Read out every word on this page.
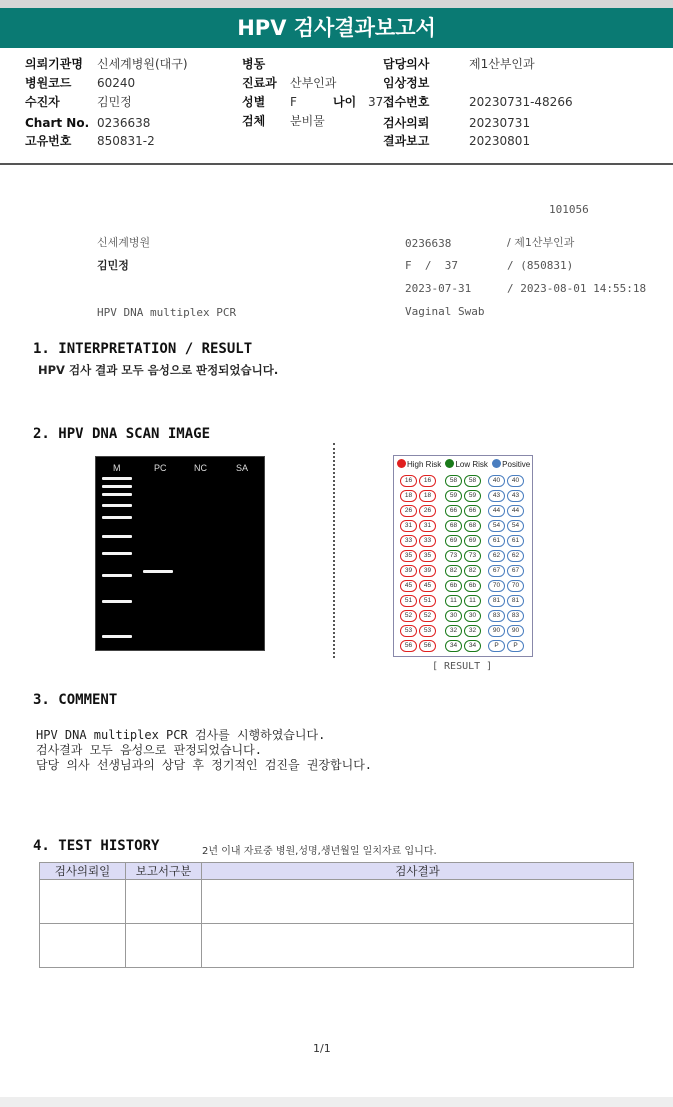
HPV 검사결과보고서
의뢰기관명 신세계병원(대구)
병원코드 60240
수진자	김민정
Chart No. 0236638
고유번호 850831-2
병동
진료과 산부인과
성별 F	나이 37
검체 분비물
담당의사	제1산부인과
임상정보
접수번호	20230731-48266
검사의뢰	20230731
결과보고	20230801
101056
신세계병원
김민정
HPV DNA multiplex PCR
0236638	/ 제1산부인과
F  /  37	/ (850831)
2023-07-31	/ 2023-08-01 14:55:18
Vaginal Swab
1. INTERPRETATION / RESULT
HPV 검사 결과 모두 음성으로 판정되었습니다.
2. HPV DNA SCAN IMAGE
M	PC	NC	SA	High Risk Low Risk Positive
16	16	58	58	40	40
18	18	59	59	43	43
26	26	66	66	44	44
31	31	68	68	54	54
33	33	69	69	61	61
35	35	73	73	62	62
39	39	82	82	67	67
45	45	6b	6b	70	70
51	51	11	11	81	81
52	52	30	30	83	83
53	53	32	32	90	90
56	56	34	34	P	P
[ RESULT ]
3. COMMENT
HPV DNA multiplex PCR 검사를 시행하였습니다.
검사결과 모두 음성으로 판정되었습니다.
담당 의사 선생님과의 상담 후 정기적인 검진을 권장합니다.
4. TEST HISTORY	2년 이내 자료중 병원,성명,생년월일 일치자료 입니다.
검사의뢰일	보고서구분	검사결과

1/1
